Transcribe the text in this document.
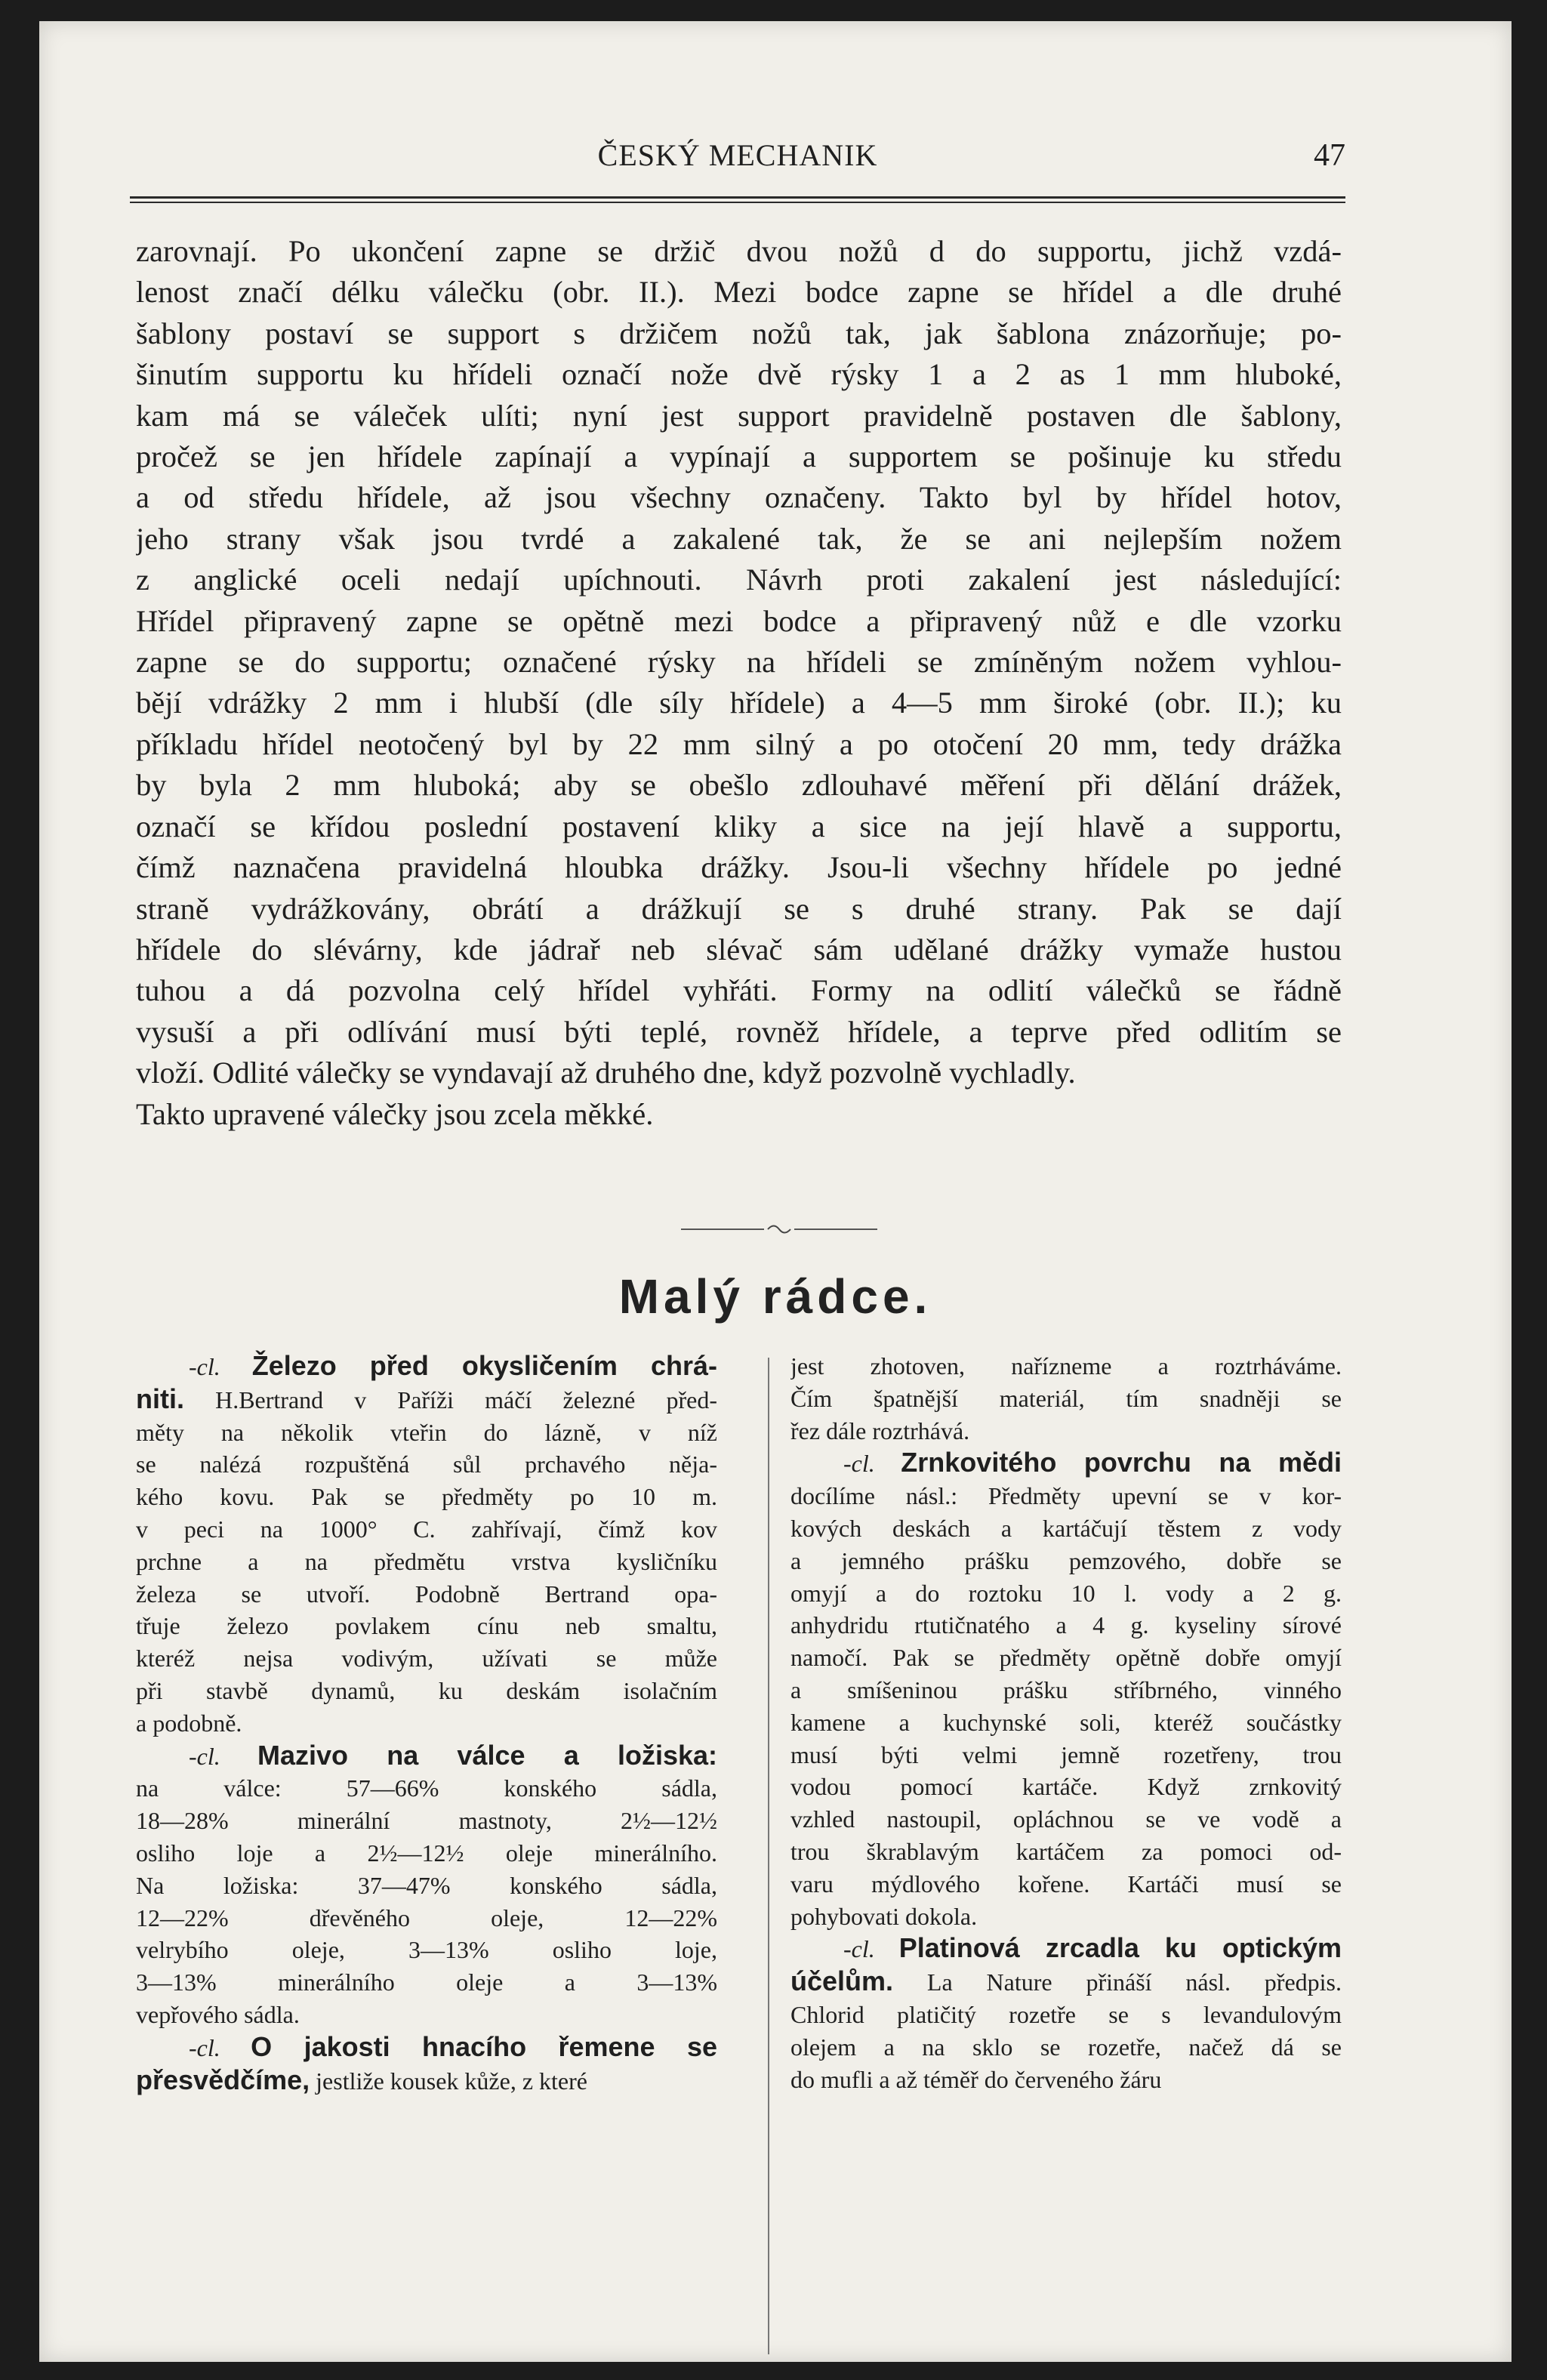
ČESKÝ MECHANIK	47
zarovnají. Po ukončení zapne se držič dvou nožů d do supportu, jichž vzdá-
lenost značí délku válečku (obr. II.). Mezi bodce zapne se hřídel a dle druhé
šablony postaví se support s držičem nožů tak, jak šablona znázorňuje; po-
šinutím supportu ku hřídeli označí nože dvě rýsky 1 a 2 as 1 mm hluboké,
kam má se váleček ulíti; nyní jest support pravidelně postaven dle šablony,
pročež se jen hřídele zapínají a vypínají a supportem se pošinuje ku středu
a od středu hřídele, až jsou všechny označeny. Takto byl by hřídel hotov,
jeho strany však jsou tvrdé a zakalené tak, že se ani nejlepším nožem
z anglické oceli nedají upíchnouti. Návrh proti zakalení jest následující:
Hřídel připravený zapne se opětně mezi bodce a připravený nůž e dle vzorku
zapne se do supportu; označené rýsky na hřídeli se zmíněným nožem vyhlou-
bějí vdrážky 2 mm i hlubší (dle síly hřídele) a 4—5 mm široké (obr. II.); ku
příkladu hřídel neotočený byl by 22 mm silný a po otočení 20 mm, tedy drážka
by byla 2 mm hluboká; aby se obešlo zdlouhavé měření při dělání drážek,
označí se křídou poslední postavení kliky a sice na její hlavě a supportu,
čímž naznačena pravidelná hloubka drážky. Jsou-li všechny hřídele po jedné
straně vydrážkovány, obrátí a drážkují se s druhé strany. Pak se dají
hřídele do slévárny, kde jádrař neb slévač sám udělané drážky vymaže hustou
tuhou a dá pozvolna celý hřídel vyhřáti. Formy na odlití válečků se řádně
vysuší a při odlívání musí býti teplé, rovněž hřídele, a teprve před odlitím se
vloží. Odlité válečky se vyndavají až druhého dne, když pozvolně vychladly.
Takto upravené válečky jsou zcela měkké.
Malý rádce.
-cl. Železo před okysličením chrá-
niti. H.Bertrand v Paříži máčí železné před-
měty na několik vteřin do lázně, v níž
se nalézá rozpuštěná sůl prchavého něja-
kého kovu. Pak se předměty po 10 m.
v peci na 1000° C. zahřívají, čímž kov
prchne a na předmětu vrstva kysličníku
železa se utvoří. Podobně Bertrand opa-
třuje železo povlakem cínu neb smaltu,
kteréž nejsa vodivým, užívati se může
při stavbě dynamů, ku deskám isolačním
a podobně.
-cl. Mazivo na válce a ložiska:
na válce: 57—66% konského sádla,
18—28% minerální mastnoty, 2½—12½
osliho loje a 2½—12½ oleje minerálního.
Na ložiska: 37—47% konského sádla,
12—22% dřevěného oleje, 12—22%
velrybího oleje, 3—13% osliho loje,
3—13% minerálního oleje a 3—13%
vepřového sádla.
-cl. O jakosti hnacího řemene se
přesvědčíme, jestliže kousek kůže, z které
jest zhotoven, nařízneme a roztrháváme.
Čím špatnější materiál, tím snadněji se
řez dále roztrhává.
-cl. Zrnkovitého povrchu na mědi
docílíme násl.: Předměty upevní se v kor-
kových deskách a kartáčují těstem z vody
a jemného prášku pemzového, dobře se
omyjí a do roztoku 10 l. vody a 2 g.
anhydridu rtutičnatého a 4 g. kyseliny sírové
namočí. Pak se předměty opětně dobře omyjí
a smíšeninou prášku stříbrného, vinného
kamene a kuchynské soli, kteréž součástky
musí býti velmi jemně rozetřeny, trou
vodou pomocí kartáče. Když zrnkovitý
vzhled nastoupil, opláchnou se ve vodě a
trou škrablavým kartáčem za pomoci od-
varu mýdlového kořene. Kartáči musí se
pohybovati dokola.
-cl. Platinová zrcadla ku optickým
účelům. La Nature přináší násl. předpis.
Chlorid platičitý rozetře se s levandulovým
olejem a na sklo se rozetře, načež dá se
do mufli a až téměř do červeného žáru
